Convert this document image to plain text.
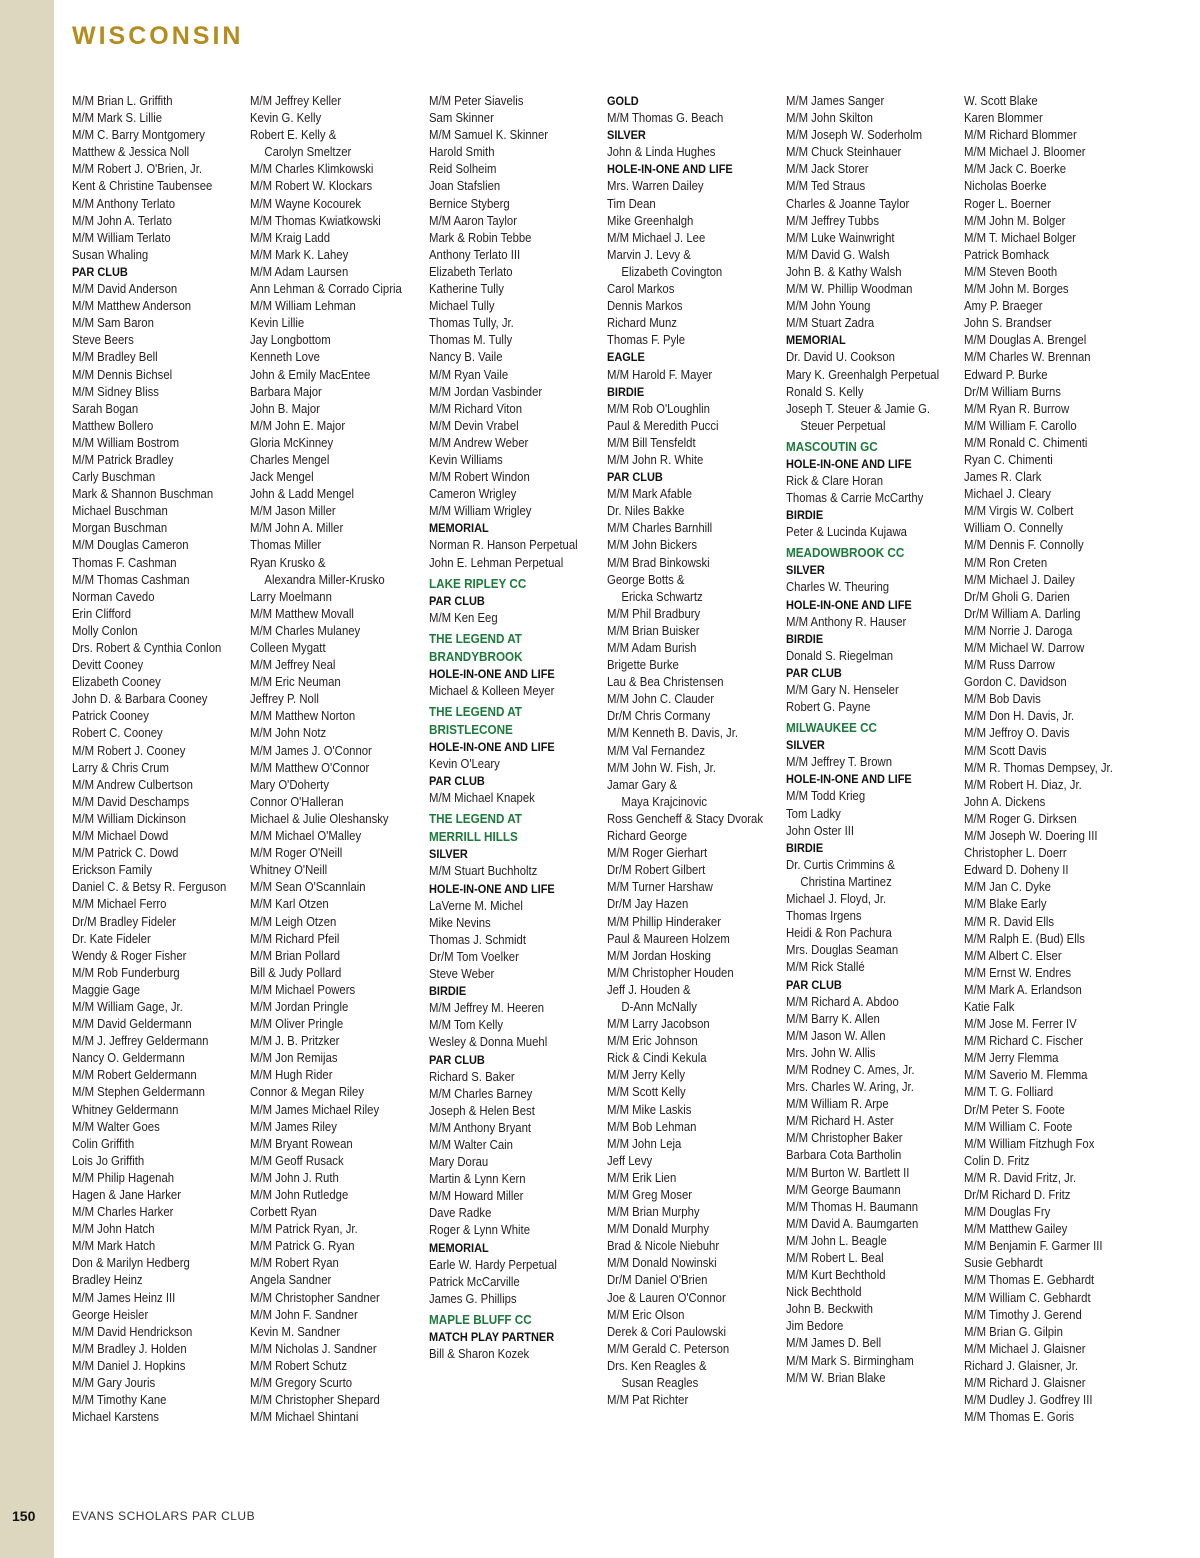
WISCONSIN
M/M Brian L. Griffith
M/M Mark S. Lillie
M/M C. Barry Montgomery
Matthew & Jessica Noll
M/M Robert J. O'Brien, Jr.
Kent & Christine Taubensee
M/M Anthony Terlato
M/M John A. Terlato
M/M William Terlato
Susan Whaling
PAR CLUB
M/M David Anderson
M/M Matthew Anderson
M/M Sam Baron
Steve Beers
M/M Bradley Bell
M/M Dennis Bichsel
M/M Sidney Bliss
Sarah Bogan
Matthew Bollero
M/M William Bostrom
M/M Patrick Bradley
Carly Buschman
Mark & Shannon Buschman
Michael Buschman
Morgan Buschman
M/M Douglas Cameron
Thomas F. Cashman
M/M Thomas Cashman
Norman Cavedo
Erin Clifford
Molly Conlon
Drs. Robert & Cynthia Conlon
Devitt Cooney
Elizabeth Cooney
John D. & Barbara Cooney
Patrick Cooney
Robert C. Cooney
M/M Robert J. Cooney
Larry & Chris Crum
M/M Andrew Culbertson
M/M David Deschamps
M/M William Dickinson
M/M Michael Dowd
M/M Patrick C. Dowd
Erickson Family
Daniel C. & Betsy R. Ferguson
M/M Michael Ferro
Dr/M Bradley Fideler
Dr. Kate Fideler
Wendy & Roger Fisher
M/M Rob Funderburg
Maggie Gage
M/M William Gage, Jr.
M/M David Geldermann
M/M J. Jeffrey Geldermann
Nancy O. Geldermann
M/M Robert Geldermann
M/M Stephen Geldermann
Whitney Geldermann
M/M Walter Goes
Colin Griffith
Lois Jo Griffith
M/M Philip Hagenah
Hagen & Jane Harker
M/M Charles Harker
M/M John Hatch
M/M Mark Hatch
Don & Marilyn Hedberg
Bradley Heinz
M/M James Heinz III
George Heisler
M/M David Hendrickson
M/M Bradley J. Holden
M/M Daniel J. Hopkins
M/M Gary Jouris
M/M Timothy Kane
Michael Karstens
M/M Jeffrey Keller
Kevin G. Kelly
Robert E. Kelly &
Carolyn Smeltzer
M/M Charles Klimkowski
M/M Robert W. Klockars
M/M Wayne Kocourek
M/M Thomas Kwiatkowski
M/M Kraig Ladd
M/M Mark K. Lahey
M/M Adam Laursen
Ann Lehman & Corrado Cipria
M/M William Lehman
Kevin Lillie
Jay Longbottom
Kenneth Love
John & Emily MacEntee
Barbara Major
John B. Major
M/M John E. Major
Gloria McKinney
Charles Mengel
Jack Mengel
John & Ladd Mengel
M/M Jason Miller
M/M John A. Miller
Thomas Miller
Ryan Krusko &
Alexandra Miller-Krusko
Larry Moelmann
M/M Matthew Movall
M/M Charles Mulaney
Colleen Mygatt
M/M Jeffrey Neal
M/M Eric Neuman
Jeffrey P. Noll
M/M Matthew Norton
M/M John Notz
M/M James J. O'Connor
M/M Matthew O'Connor
Mary O'Doherty
Connor O'Halleran
Michael & Julie Oleshansky
M/M Michael O'Malley
M/M Roger O'Neill
Whitney O'Neill
M/M Sean O'Scannlain
M/M Karl Otzen
M/M Leigh Otzen
M/M Richard Pfeil
M/M Brian Pollard
Bill & Judy Pollard
M/M Michael Powers
M/M Jordan Pringle
M/M Oliver Pringle
M/M J. B. Pritzker
M/M Jon Remijas
M/M Hugh Rider
Connor & Megan Riley
M/M James Michael Riley
M/M James Riley
M/M Bryant Rowean
M/M Geoff Rusack
M/M John J. Ruth
M/M John Rutledge
Corbett Ryan
M/M Patrick Ryan, Jr.
M/M Patrick G. Ryan
M/M Robert Ryan
Angela Sandner
M/M Christopher Sandner
M/M John F. Sandner
Kevin M. Sandner
M/M Nicholas J. Sandner
M/M Robert Schutz
M/M Gregory Scurto
M/M Christopher Shepard
M/M Michael Shintani
M/M Peter Siavelis
Sam Skinner
M/M Samuel K. Skinner
Harold Smith
Reid Solheim
Joan Stafslien
Bernice Styberg
M/M Aaron Taylor
Mark & Robin Tebbe
Anthony Terlato III
Elizabeth Terlato
Katherine Tully
Michael Tully
Thomas Tully, Jr.
Thomas M. Tully
Nancy B. Vaile
M/M Ryan Vaile
M/M Jordan Vasbinder
M/M Richard Viton
M/M Devin Vrabel
M/M Andrew Weber
Kevin Williams
M/M Robert Windon
Cameron Wrigley
M/M William Wrigley
MEMORIAL
Norman R. Hanson Perpetual
John E. Lehman Perpetual
LAKE RIPLEY CC
PAR CLUB
M/M Ken Eeg
THE LEGEND AT
BRANDYBROOK
HOLE-IN-ONE AND LIFE
Michael & Kolleen Meyer
THE LEGEND AT
BRISTLECONE
HOLE-IN-ONE AND LIFE
Kevin O'Leary
PAR CLUB
M/M Michael Knapek
THE LEGEND AT
MERRILL HILLS
SILVER
M/M Stuart Buchholtz
HOLE-IN-ONE AND LIFE
LaVerne M. Michel
Mike Nevins
Thomas J. Schmidt
Dr/M Tom Voelker
Steve Weber
BIRDIE
M/M Jeffrey M. Heeren
M/M Tom Kelly
Wesley & Donna Muehl
PAR CLUB
Richard S. Baker
M/M Charles Barney
Joseph & Helen Best
M/M Anthony Bryant
M/M Walter Cain
Mary Dorau
Martin & Lynn Kern
M/M Howard Miller
Dave Radke
Roger & Lynn White
MEMORIAL
Earle W. Hardy Perpetual
Patrick McCarville
James G. Phillips
MAPLE BLUFF CC
MATCH PLAY PARTNER
Bill & Sharon Kozek
GOLD
M/M Thomas G. Beach
SILVER
John & Linda Hughes
HOLE-IN-ONE AND LIFE
Mrs. Warren Dailey
Tim Dean
Mike Greenhalgh
M/M Michael J. Lee
Marvin J. Levy &
Elizabeth Covington
Carol Markos
Dennis Markos
Richard Munz
Thomas F. Pyle
EAGLE
M/M Harold F. Mayer
BIRDIE
M/M Rob O'Loughlin
Paul & Meredith Pucci
M/M Bill Tensfeldt
M/M John R. White
PAR CLUB
M/M Mark Afable
Dr. Niles Bakke
M/M Charles Barnhill
M/M John Bickers
M/M Brad Binkowski
George Botts &
Ericka Schwartz
M/M Phil Bradbury
M/M Brian Buisker
M/M Adam Burish
Brigette Burke
Lau & Bea Christensen
M/M John C. Clauder
Dr/M Chris Cormany
M/M Kenneth B. Davis, Jr.
M/M Val Fernandez
M/M John W. Fish, Jr.
Jamar Gary &
Maya Krajcinovic
Ross Gencheff & Stacy Dvorak
Richard George
M/M Roger Gierhart
Dr/M Robert Gilbert
M/M Turner Harshaw
Dr/M Jay Hazen
M/M Phillip Hinderaker
Paul & Maureen Holzem
M/M Jordan Hosking
M/M Christopher Houden
Jeff J. Houden &
D-Ann McNally
M/M Larry Jacobson
M/M Eric Johnson
Rick & Cindi Kekula
M/M Jerry Kelly
M/M Scott Kelly
M/M Mike Laskis
M/M Bob Lehman
M/M John Leja
Jeff Levy
M/M Erik Lien
M/M Greg Moser
M/M Brian Murphy
M/M Donald Murphy
Brad & Nicole Niebuhr
M/M Donald Nowinski
Dr/M Daniel O'Brien
Joe & Lauren O'Connor
M/M Eric Olson
Derek & Cori Paulowski
M/M Gerald C. Peterson
Drs. Ken Reagles &
Susan Reagles
M/M Pat Richter
M/M James Sanger
M/M John Skilton
M/M Joseph W. Soderholm
M/M Chuck Steinhauer
M/M Jack Storer
M/M Ted Straus
Charles & Joanne Taylor
M/M Jeffrey Tubbs
M/M Luke Wainwright
M/M David G. Walsh
John B. & Kathy Walsh
M/M W. Phillip Woodman
M/M John Young
M/M Stuart Zadra
MEMORIAL
Dr. David U. Cookson
Mary K. Greenhalgh Perpetual
Ronald S. Kelly
Joseph T. Steuer & Jamie G.
Steuer Perpetual
MASCOUTIN GC
HOLE-IN-ONE AND LIFE
Rick & Clare Horan
Thomas & Carrie McCarthy
BIRDIE
Peter & Lucinda Kujawa
MEADOWBROOK CC
SILVER
Charles W. Theuring
HOLE-IN-ONE AND LIFE
M/M Anthony R. Hauser
BIRDIE
Donald S. Riegelman
PAR CLUB
M/M Gary N. Henseler
Robert G. Payne
MILWAUKEE CC
SILVER
M/M Jeffrey T. Brown
HOLE-IN-ONE AND LIFE
M/M Todd Krieg
Tom Ladky
John Oster III
BIRDIE
Dr. Curtis Crimmins &
Christina Martinez
Michael J. Floyd, Jr.
Thomas Irgens
Heidi & Ron Pachura
Mrs. Douglas Seaman
M/M Rick Stallé
PAR CLUB
M/M Richard A. Abdoo
M/M Barry K. Allen
M/M Jason W. Allen
Mrs. John W. Allis
M/M Rodney C. Ames, Jr.
Mrs. Charles W. Aring, Jr.
M/M William R. Arpe
M/M Richard H. Aster
M/M Christopher Baker
Barbara Cota Bartholin
M/M Burton W. Bartlett II
M/M George Baumann
M/M Thomas H. Baumann
M/M David A. Baumgarten
M/M John L. Beagle
M/M Robert L. Beal
M/M Kurt Bechthold
Nick Bechthold
John B. Beckwith
Jim Bedore
M/M James D. Bell
M/M Mark S. Birmingham
M/M W. Brian Blake
W. Scott Blake
Karen Blommer
M/M Richard Blommer
M/M Michael J. Bloomer
M/M Jack C. Boerke
Nicholas Boerke
Roger L. Boerner
M/M John M. Bolger
M/M T. Michael Bolger
Patrick Bomhack
M/M Steven Booth
M/M John M. Borges
Amy P. Braeger
John S. Brandser
M/M Douglas A. Brengel
M/M Charles W. Brennan
Edward P. Burke
Dr/M William Burns
M/M Ryan R. Burrow
M/M William F. Carollo
M/M Ronald C. Chimenti
Ryan C. Chimenti
James R. Clark
Michael J. Cleary
M/M Virgis W. Colbert
William O. Connelly
M/M Dennis F. Connolly
M/M Ron Creten
M/M Michael J. Dailey
Dr/M Gholi G. Darien
Dr/M William A. Darling
M/M Norrie J. Daroga
M/M Michael W. Darrow
M/M Russ Darrow
Gordon C. Davidson
M/M Bob Davis
M/M Don H. Davis, Jr.
M/M Jeffroy O. Davis
M/M Scott Davis
M/M R. Thomas Dempsey, Jr.
M/M Robert H. Diaz, Jr.
John A. Dickens
M/M Roger G. Dirksen
M/M Joseph W. Doering III
Christopher L. Doerr
Edward D. Doheny II
M/M Jan C. Dyke
M/M Blake Early
M/M R. David Ells
M/M Ralph E. (Bud) Ells
M/M Albert C. Elser
M/M Ernst W. Endres
M/M Mark A. Erlandson
Katie Falk
M/M Jose M. Ferrer IV
M/M Richard C. Fischer
M/M Jerry Flemma
M/M Saverio M. Flemma
M/M T. G. Folliard
Dr/M Peter S. Foote
M/M William C. Foote
M/M William Fitzhugh Fox
Colin D. Fritz
M/M R. David Fritz, Jr.
Dr/M Richard D. Fritz
M/M Douglas Fry
M/M Matthew Gailey
M/M Benjamin F. Garmer III
Susie Gebhardt
M/M Thomas E. Gebhardt
M/M William C. Gebhardt
M/M Timothy J. Gerend
M/M Brian G. Gilpin
M/M Michael J. Glaisner
Richard J. Glaisner, Jr.
M/M Richard J. Glaisner
M/M Dudley J. Godfrey III
M/M Thomas E. Goris
150	EVANS SCHOLARS PAR CLUB
